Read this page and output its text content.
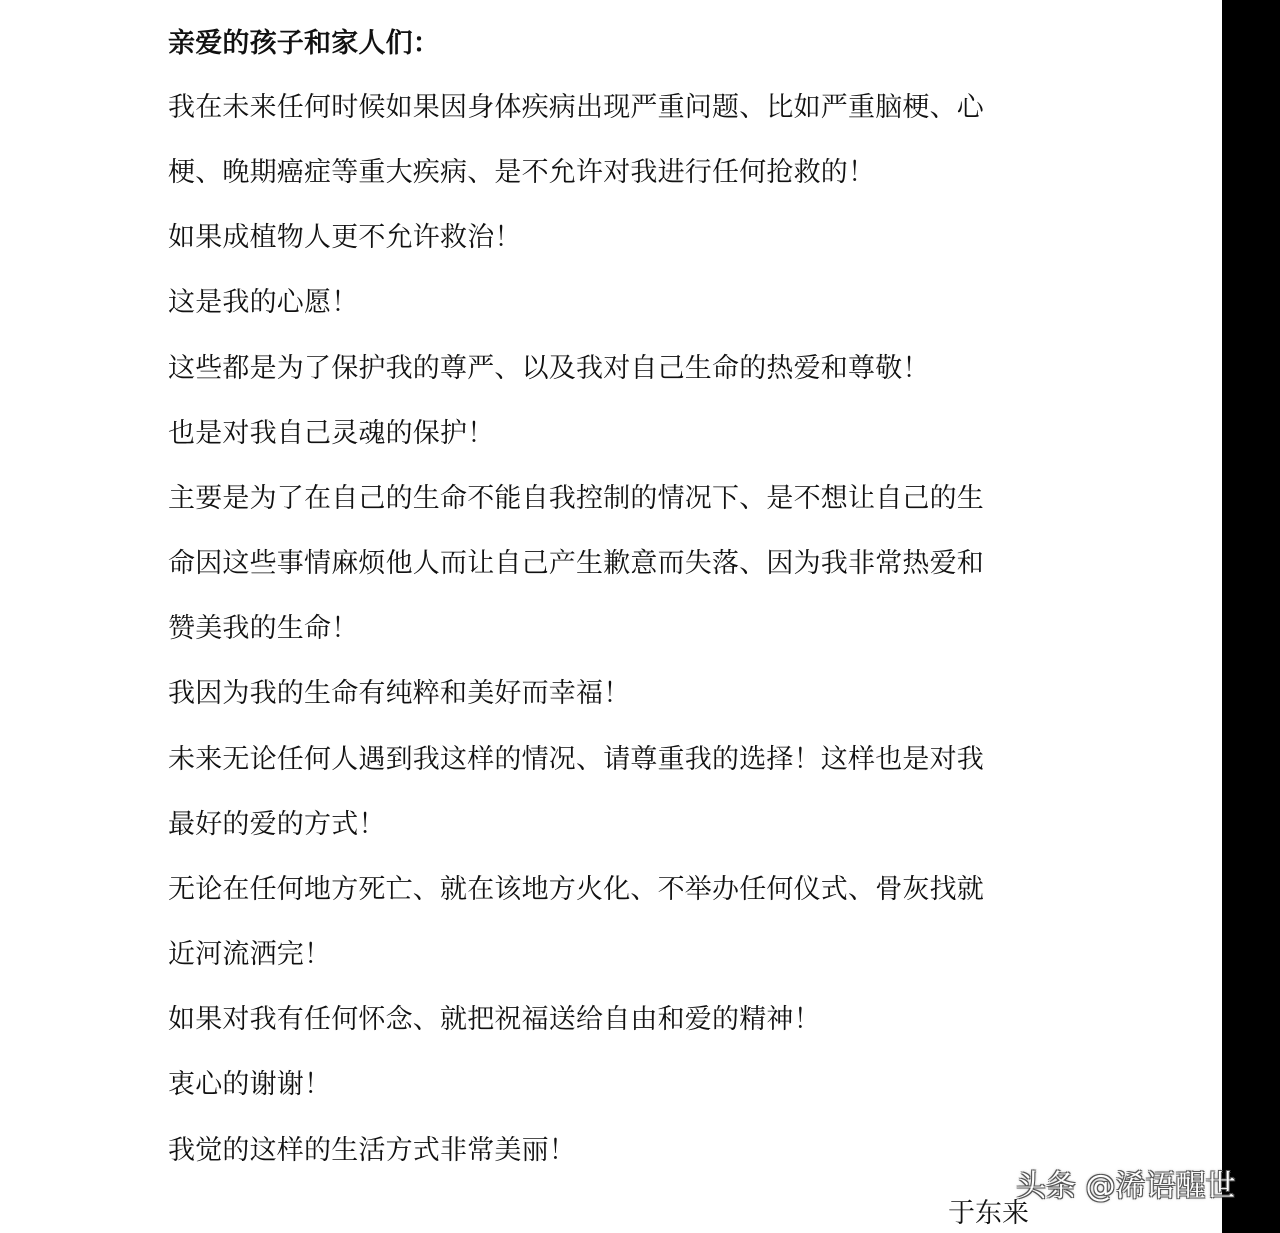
亲爱的孩子和家人们：
我在未来任何时候如果因身体疾病出现严重问题、比如严重脑梗、心
梗、晚期癌症等重大疾病、是不允许对我进行任何抢救的！
如果成植物人更不允许救治！
这是我的心愿！
这些都是为了保护我的尊严、以及我对自己生命的热爱和尊敬！
也是对我自己灵魂的保护！
主要是为了在自己的生命不能自我控制的情况下、是不想让自己的生
命因这些事情麻烦他人而让自己产生歉意而失落、因为我非常热爱和
赞美我的生命！
我因为我的生命有纯粹和美好而幸福！
未来无论任何人遇到我这样的情况、请尊重我的选择！这样也是对我
最好的爱的方式！
无论在任何地方死亡、就在该地方火化、不举办任何仪式、骨灰找就
近河流洒完！
如果对我有任何怀念、就把祝福送给自由和爱的精神！
衷心的谢谢！
我觉的这样的生活方式非常美丽！
于东来
头条 @浠语醒世
